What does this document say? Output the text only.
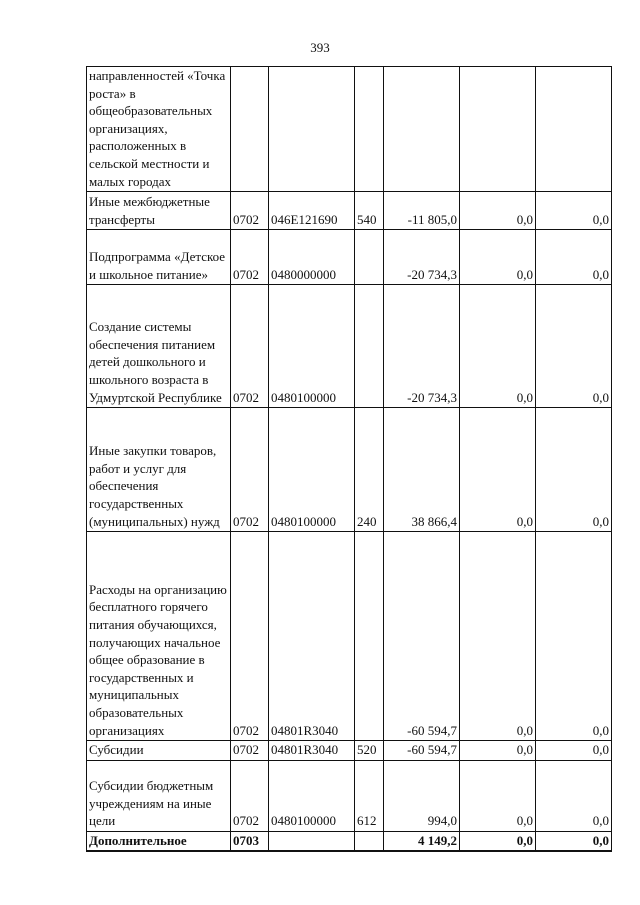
393
направленностей «Точка роста» в общеобразовательных организациях, расположенных в сельской местности и малых городах						
Иные межбюджетные трансферты	0702	046E121690	540	-11 805,0	0,0	0,0
Подпрограмма «Детское и школьное питание»	0702	0480000000		-20 734,3	0,0	0,0
Создание системы обеспечения питанием детей дошкольного и школьного возраста в Удмуртской Республике	0702	0480100000		-20 734,3	0,0	0,0
Иные закупки товаров, работ и услуг для обеспечения государственных (муниципальных) нужд	0702	0480100000	240	38 866,4	0,0	0,0
Расходы на организацию бесплатного горячего питания обучающихся, получающих начальное общее образование в государственных и муниципальных образовательных организациях	0702	04801R3040		-60 594,7	0,0	0,0
Субсидии	0702	04801R3040	520	-60 594,7	0,0	0,0
Субсидии бюджетным учреждениям на иные цели	0702	0480100000	612	994,0	0,0	0,0
Дополнительное	0703			4 149,2	0,0	0,0
